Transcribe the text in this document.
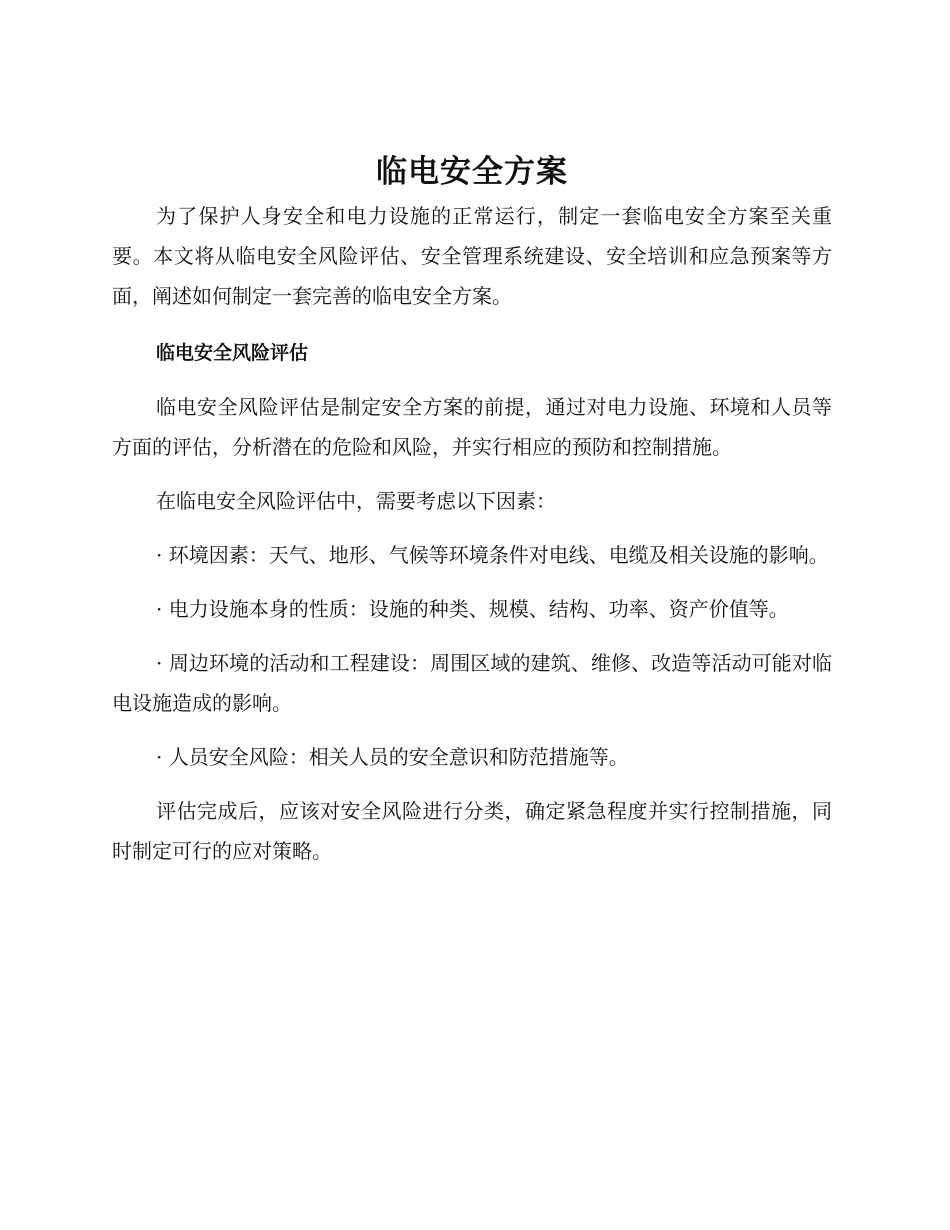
临电安全方案

为了保护人身安全和电力设施的正常运行，制定一套临电安全方案至关重要。本文将从临电安全风险评估、安全管理系统建设、安全培训和应急预案等方面，阐述如何制定一套完善的临电安全方案。

临电安全风险评估

临电安全风险评估是制定安全方案的前提，通过对电力设施、环境和人员等方面的评估，分析潜在的危险和风险，并实行相应的预防和控制措施。

在临电安全风险评估中，需要考虑以下因素：

· 环境因素：天气、地形、气候等环境条件对电线、电缆及相关设施的影响。

· 电力设施本身的性质：设施的种类、规模、结构、功率、资产价值等。

· 周边环境的活动和工程建设：周围区域的建筑、维修、改造等活动可能对临电设施造成的影响。

· 人员安全风险：相关人员的安全意识和防范措施等。

评估完成后，应该对安全风险进行分类，确定紧急程度并实行控制措施，同时制定可行的应对策略。
